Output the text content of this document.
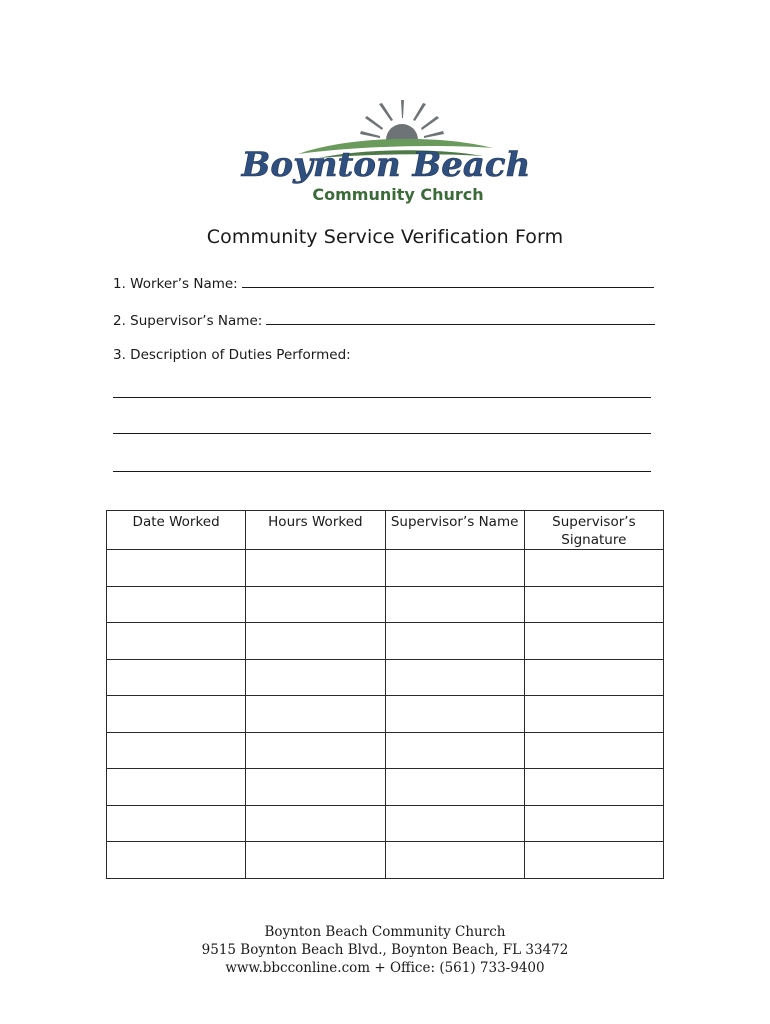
Boynton Beach
Community Church
Community Service Verification Form
1. Worker’s Name:
2. Supervisor’s Name:
3. Description of Duties Performed:
Date Worked	Hours Worked	Supervisor’s Name	Supervisor’s Signature

Boynton Beach Community Church
9515 Boynton Beach Blvd., Boynton Beach, FL 33472
www.bbcconline.com + Office: (561) 733-9400
